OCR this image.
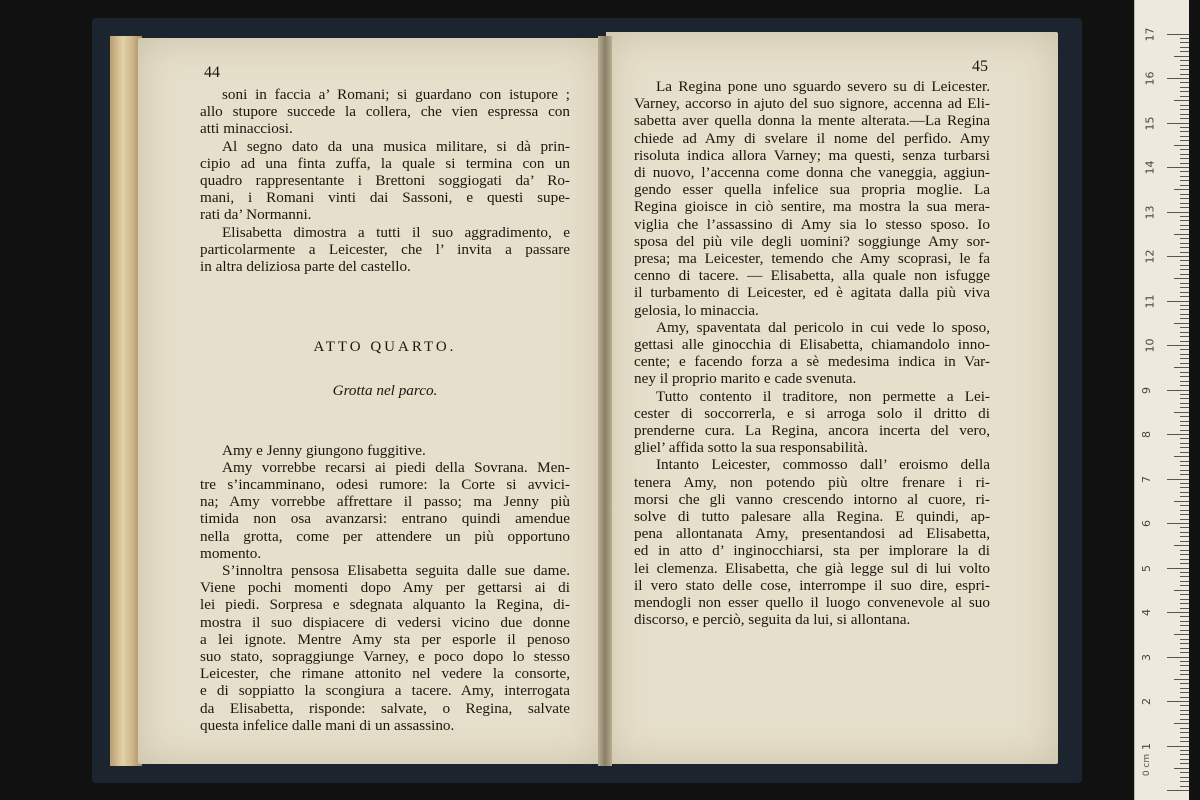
44	45
soni in faccia a’ Romani; si guardano con istupore ;
allo stupore succede la collera, che vien espressa con
atti minacciosi.
Al segno dato da una musica militare, si dà prin-
cipio ad una finta zuffa, la quale si termina con un
quadro rappresentante i Brettoni soggiogati da’ Ro-
mani, i Romani vinti dai Sassoni, e questi supe-
rati da’ Normanni.
Elisabetta dimostra a tutti il suo aggradimento, e
particolarmente a Leicester, che l’ invita a passare
in altra deliziosa parte del castello.
ATTO QUARTO.
Grotta nel parco.
Amy e Jenny giungono fuggitive.
Amy vorrebbe recarsi ai piedi della Sovrana. Men-
tre s’incamminano, odesi rumore: la Corte si avvici-
na; Amy vorrebbe affrettare il passo; ma Jenny più
timida non osa avanzarsi: entrano quindi amendue
nella grotta, come per attendere un più opportuno
momento.
S’innoltra pensosa Elisabetta seguita dalle sue dame.
Viene pochi momenti dopo Amy per gettarsi ai di
lei piedi. Sorpresa e sdegnata alquanto la Regina, di-
mostra il suo dispiacere di vedersi vicino due donne
a lei ignote. Mentre Amy sta per esporle il penoso
suo stato, sopraggiunge Varney, e poco dopo lo stesso
Leicester, che rimane attonito nel vedere la consorte,
e di soppiatto la scongiura a tacere. Amy, interrogata
da Elisabetta, risponde: salvate, o Regina, salvate
questa infelice dalle mani di un assassino.
La Regina pone uno sguardo severo su di Leicester.
Varney, accorso in ajuto del suo signore, accenna ad Eli-
sabetta aver quella donna la mente alterata.—La Regina
chiede ad Amy di svelare il nome del perfido. Amy
risoluta indica allora Varney; ma questi, senza turbarsi
di nuovo, l’accenna come donna che vaneggia, aggiun-
gendo esser quella infelice sua propria moglie. La
Regina gioisce in ciò sentire, ma mostra la sua mera-
viglia che l’assassino di Amy sia lo stesso sposo. Io
sposa del più vile degli uomini? soggiunge Amy sor-
presa; ma Leicester, temendo che Amy scoprasi, le fa
cenno di tacere. — Elisabetta, alla quale non isfugge
il turbamento di Leicester, ed è agitata dalla più viva
gelosia, lo minaccia.
Amy, spaventata dal pericolo in cui vede lo sposo,
gettasi alle ginocchia di Elisabetta, chiamandolo inno-
cente; e facendo forza a sè medesima indica in Var-
ney il proprio marito e cade svenuta.
Tutto contento il traditore, non permette a Lei-
cester di soccorrerla, e si arroga solo il dritto di
prenderne cura. La Regina, ancora incerta del vero,
gliel’ affida sotto la sua responsabilità.
Intanto Leicester, commosso dall’ eroismo della
tenera Amy, non potendo più oltre frenare i ri-
morsi che gli vanno crescendo intorno al cuore, ri-
solve di tutto palesare alla Regina. E quindi, ap-
pena allontanata Amy, presentandosi ad Elisabetta,
ed in atto d’ inginocchiarsi, sta per implorare la di
lei clemenza. Elisabetta, che già legge sul di lui volto
il vero stato delle cose, interrompe il suo dire, espri-
mendogli non esser quello il luogo convenevole al suo
discorso, e perciò, seguita da lui, si allontana.
1
2
3
4
5
6
7
8
9
10
11
12
13
14
15
16
17
0 cm
